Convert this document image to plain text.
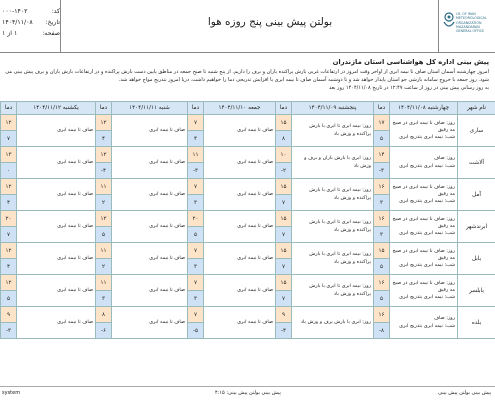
کد:
۰۰۰-۱۴۰۲
تاریخ:
۱۴۰۴/۱۱/۰۸
صفحه:
۱ از ۱
بولتن پیش بینی پنج روزه هوا
I.R. OF IRAN
METEOROLOGICAL
ORGANIZATION
MAZANDARAN
GENERAL OFFICE
پیش بینی اداره کل هواشناسی استان مازندران
امروز چهارشنبه آسمان استان صاف تا نیمه ابری از اواخر وقت امروز در ارتفاعات غربی بارش پراکنده باران و برف را داریم. از پنج شنبه تا صبح جمعه در مناطق پایین دست بارش پراکنده و در ارتفاعات بارش باران و برف پیش بینی می شود. روز جمعه با خروج سامانه بارشی جو استان پایدار خواهد شد و تا دوشنبه آسمان صاف تا نیمه ابری با افزایش تدریجی دما را خواهیم داشت. دریا امروز بتدریج مواج خواهد شد.
به روز رسانی پیش بینی در روز از ساعت ۱۲:۴۷ در تاریخ ۱۴۰۴/۱۱/۰۸ روز بعد
نام شهر	چهارشنبه ۱۴۰۴/۱۱/۰۸	دما	پنجشنبه ۱۴۰۴/۱۱/۰۹	دما	جمعه ۱۴۰۴/۱۱/۱۰	دما	شنبه ۱۴۰۴/۱۱/۱۱	دما	یکشنبه ۱۴۰۴/۱۱/۱۲	دما
ساری	روز: صاف تا نیمه ابری در صبح مه رقیق
شب: نیمه ابری بتدریج ابری	۱۷	روز: نیمه ابری تا ابری با بارش پراکنده و وزش باد	۱۵	صاف تا نیمه ابری	۷	صاف تا نیمه ابری	۱۲	صاف تا نیمه ابری	۱۲
		۵		۸		۴		۴		۷
آلاشت	روز: صاف
شب: نیمه ابری بتدریج ابری	۱۴	روز: ابری با بارش باران و برف و وزش باد	۱۰	صاف تا نیمه ابری	۱۱	صاف تا نیمه ابری	۱۲	صاف تا نیمه ابری	۱۳
		۳-		۲-		۳-		۴-		۰
آمل	روز: صاف تا نیمه ابری در صبح مه رقیق
شب: نیمه ابری بتدریج ابری	۱۶	روز: نیمه ابری تا ابری با بارش پراکنده و وزش باد	۱۵	صاف تا نیمه ابری	۷	صاف تا نیمه ابری	۱۱	صاف تا نیمه ابری	۱۲
		۳		۷		۳		۲		۴
ابرندشهر	روز: صاف تا نیمه ابری در صبح مه رقیق
شب: نیمه ابری بتدریج ابری	۱۶	روز: نیمه ابری تا ابری با بارش پراکنده و وزش باد	۱۵	صاف تا نیمه ابری	۲۰	صاف تا نیمه ابری	۱۲	صاف تا نیمه ابری	۲۰
		۳		۷		۵		۵		۷
بابل	روز: صاف تا نیمه ابری در صبح مه رقیق
شب: نیمه ابری بتدریج ابری	۱۵	روز: نیمه ابری تا ابری با بارش پراکنده و وزش باد	۱۵	صاف تا نیمه ابری	۷	صاف تا نیمه ابری	۱۱	صاف تا نیمه ابری	۱۲
		۵		۷		۳		۲		۴
بابلسر	روز: صاف تا نیمه ابری در صبح مه رقیق
شب: نیمه ابری بتدریج ابری	۱۶	روز: نیمه ابری تا ابری با بارش پراکنده و وزش باد	۱۵	صاف تا نیمه ابری	۷	صاف تا نیمه ابری	۱۱	صاف تا نیمه ابری	۱۲
		۵		۷		۳		۳		۵
بلده	روز: صاف
شب: نیمه ابری بتدریج ابری	۱۶	روز: ابری با بارش برف و وزش باد	۹	صاف تا نیمه ابری	۷	صاف تا نیمه ابری	۸	صاف تا نیمه ابری	۹
		۸-		۴-		۵-		۶-		۳-
system	پیش بینی بولتن پیش بینی: ۴:۱۵	پیش بینی بولتن پیش بینی
